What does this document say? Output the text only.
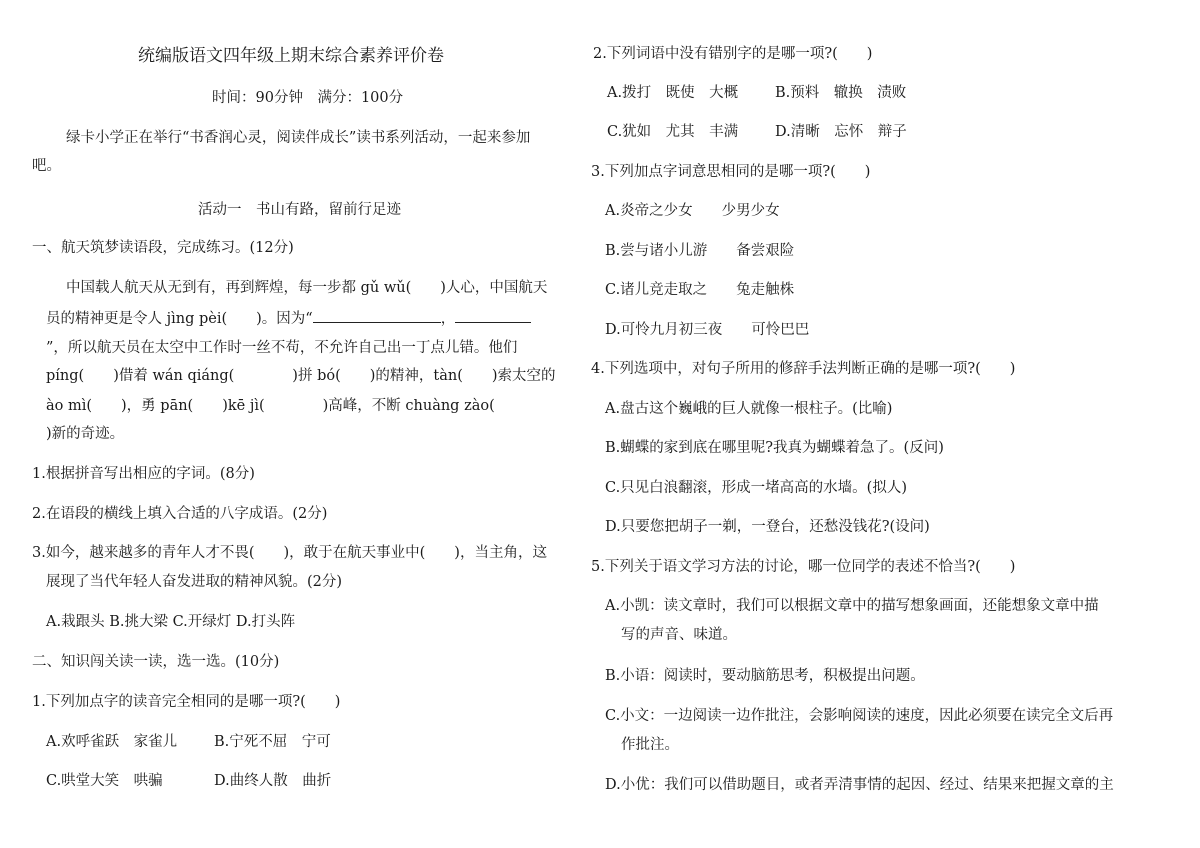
统编版语文四年级上期末综合素养评价卷
时间：90分钟　满分：100分
绿卡小学正在举行“书香润心灵，阅读伴成长”读书系列活动，一起来参加
吧。
活动一　书山有路，留前行足迹
一、航天筑梦读语段，完成练习。(12分)
中国载人航天从无到有，再到辉煌，每一步都 gǔ wǔ(　　)人心，中国航天
员的精神更是令人 jìng pèi(　　)。因为“	，
”，所以航天员在太空中工作时一丝不苟，不允许自己出一丁点儿错。他们
píng(　　)借着 wán qiáng(　　　　)拼 bó(　　)的精神，tàn(　　)索太空的
ào mì(　　)，勇 pān(　　)kē jì(　　　　)高峰，不断 chuàng zào(
)新的奇迹。
1.根据拼音写出相应的字词。(8分)
2.在语段的横线上填入合适的八字成语。(2分)
3.如今，越来越多的青年人才不畏(　　)，敢于在航天事业中(　　)，当主角，这
展现了当代年轻人奋发进取的精神风貌。(2分)
A.栽跟头 B.挑大梁 C.开绿灯 D.打头阵
二、知识闯关读一读，选一选。(10分)
1.下列加点字的读音完全相同的是哪一项?(　　)
A.欢呼雀跃　家雀儿	B.宁死不屈　宁可
C.哄堂大笑　哄骗	D.曲终人散　曲折
2.下列词语中没有错别字的是哪一项?(　　)
A.拨打　既使　大概	B.预料　辙换　渍败
C.犹如　尤其　丰满	D.清晰　忘怀　辩子
3.下列加点字词意思相同的是哪一项?(　　)
A.炎帝之少女　　少男少女
B.尝与诸小儿游　　备尝艰险
C.诸儿竞走取之　　兔走触株
D.可怜九月初三夜　　可怜巴巴
4.下列选项中，对句子所用的修辞手法判断正确的是哪一项?(　　)
A.盘古这个巍峨的巨人就像一根柱子。(比喻)
B.蝴蝶的家到底在哪里呢?我真为蝴蝶着急了。(反问)
C.只见白浪翻滚，形成一堵高高的水墙。(拟人)
D.只要您把胡子一剃，一登台，还愁没钱花?(设问)
5.下列关于语文学习方法的讨论，哪一位同学的表述不恰当?(　　)
A.小凯：读文章时，我们可以根据文章中的描写想象画面，还能想象文章中描
写的声音、味道。
B.小语：阅读时，要动脑筋思考，积极提出问题。
C.小文：一边阅读一边作批注，会影响阅读的速度，因此必须要在读完全文后再
作批注。
D.小优：我们可以借助题目，或者弄清事情的起因、经过、结果来把握文章的主
